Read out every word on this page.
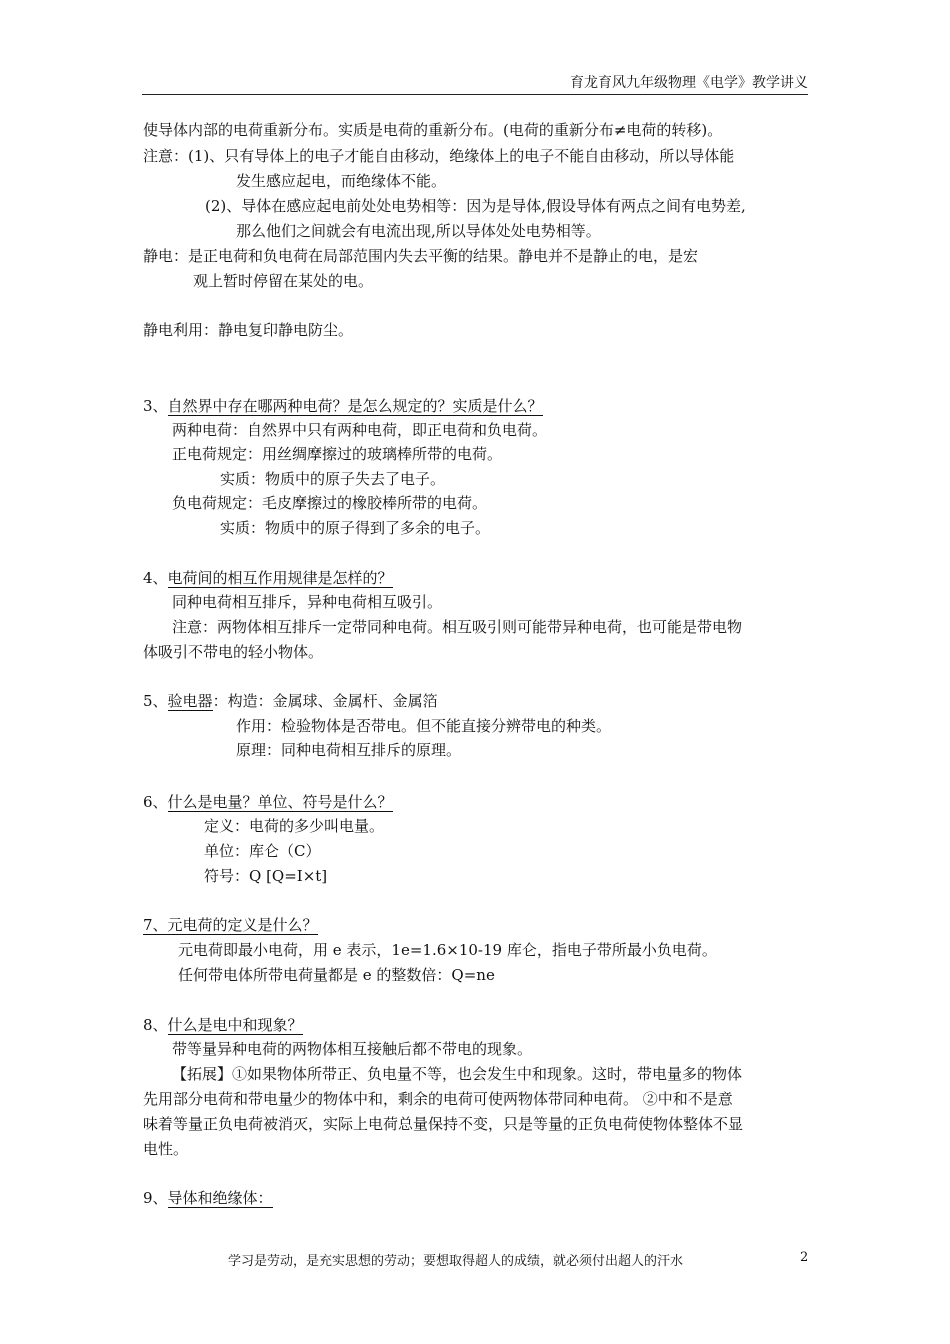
育龙育风九年级物理《电学》教学讲义
使导体内部的电荷重新分布。实质是电荷的重新分布。(电荷的重新分布≠电荷的转移)。
注意：(1)、只有导体上的电子才能自由移动，绝缘体上的电子不能自由移动，所以导体能
发生感应起电，而绝缘体不能。
(2)、导体在感应起电前处处电势相等：因为是导体,假设导体有两点之间有电势差,
那么他们之间就会有电流出现,所以导体处处电势相等。
静电：是正电荷和负电荷在局部范围内失去平衡的结果。静电并不是静止的电，是宏
观上暂时停留在某处的电。
静电利用：静电复印静电防尘。
3、自然界中存在哪两种电荷？是怎么规定的？实质是什么？
两种电荷：自然界中只有两种电荷，即正电荷和负电荷。
正电荷规定：用丝绸摩擦过的玻璃棒所带的电荷。
实质：物质中的原子失去了电子。
负电荷规定：毛皮摩擦过的橡胶棒所带的电荷。
实质：物质中的原子得到了多余的电子。
4、电荷间的相互作用规律是怎样的？
同种电荷相互排斥，异种电荷相互吸引。
注意：两物体相互排斥一定带同种电荷。相互吸引则可能带异种电荷，也可能是带电物
体吸引不带电的轻小物体。
5、验电器：构造：金属球、金属杆、金属箔
作用：检验物体是否带电。但不能直接分辨带电的种类。
原理：同种电荷相互排斥的原理。
6、什么是电量？单位、符号是什么？
定义：电荷的多少叫电量。
单位：库仑（C）
符号：Q [Q=I×t]
7、元电荷的定义是什么？
元电荷即最小电荷，用 e 表示，1e=1.6×10-19 库仑，指电子带所最小负电荷。
任何带电体所带电荷量都是 e 的整数倍：Q=ne
8、什么是电中和现象？
带等量异种电荷的两物体相互接触后都不带电的现象。
【拓展】①如果物体所带正、负电量不等，也会发生中和现象。这时，带电量多的物体
先用部分电荷和带电量少的物体中和，剩余的电荷可使两物体带同种电荷。 ②中和不是意
味着等量正负电荷被消灭，实际上电荷总量保持不变，只是等量的正负电荷使物体整体不显
电性。
9、导体和绝缘体：
学习是劳动，是充实思想的劳动；要想取得超人的成绩，就必须付出超人的汗水	2
